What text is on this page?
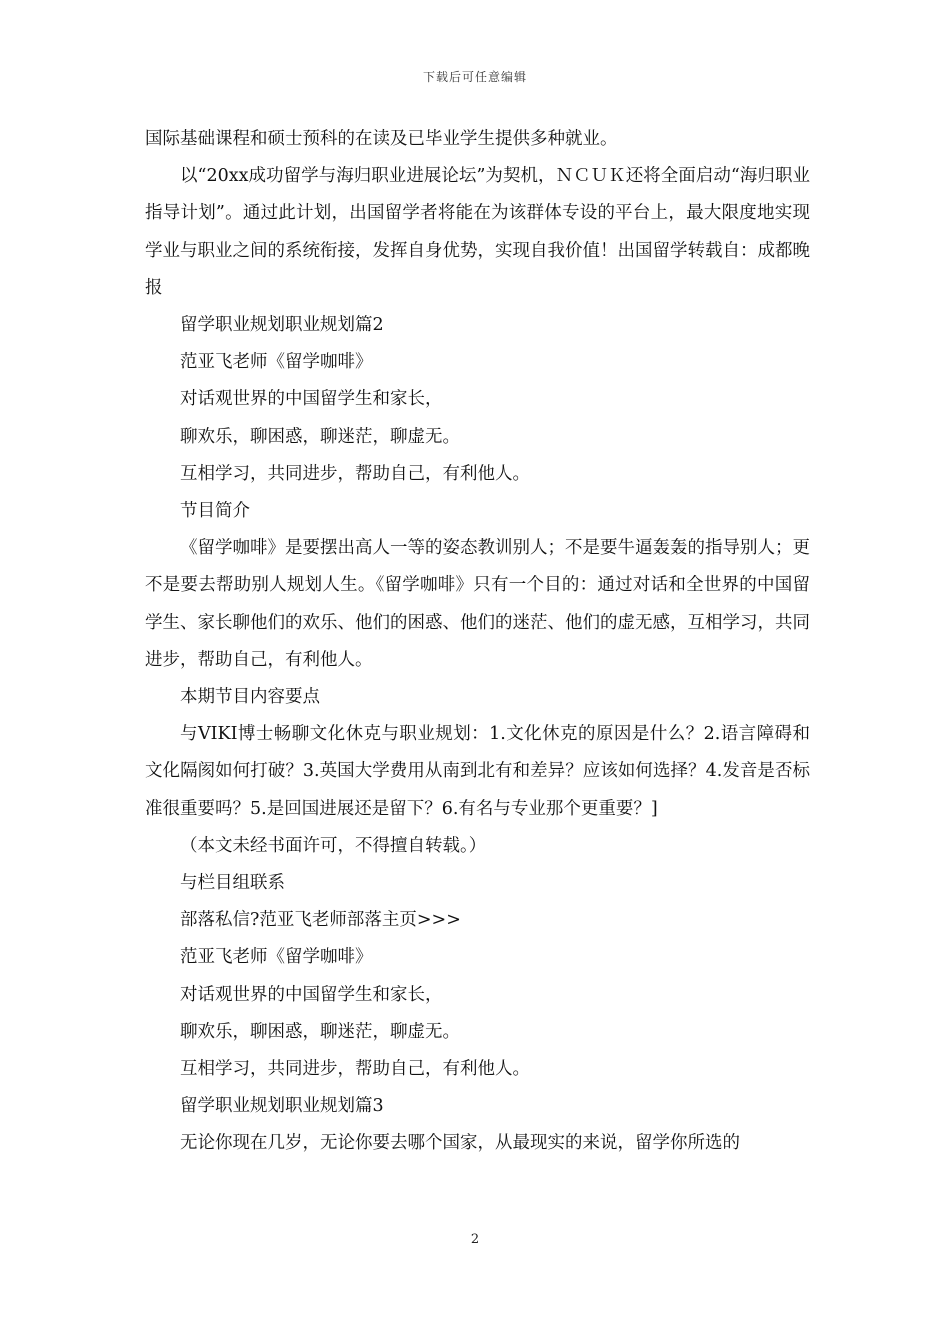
下载后可任意编辑

国际基础课程和硕士预科的在读及已毕业学生提供多种就业。

以“20xx成功留学与海归职业进展论坛”为契机，ＮＣＵＫ还将全面启动“海归职业指导计划”。通过此计划，出国留学者将能在为该群体专设的平台上，最大限度地实现学业与职业之间的系统衔接，发挥自身优势，实现自我价值！出国留学转载自：成都晚报

留学职业规划职业规划篇2

范亚飞老师《留学咖啡》

对话观世界的中国留学生和家长，

聊欢乐，聊困惑，聊迷茫，聊虚无。

互相学习，共同进步，帮助自己，有利他人。

节目简介

《留学咖啡》是要摆出高人一等的姿态教训别人；不是要牛逼轰轰的指导别人；更不是要去帮助别人规划人生。《留学咖啡》只有一个目的：通过对话和全世界的中国留学生、家长聊他们的欢乐、他们的困惑、他们的迷茫、他们的虚无感，互相学习，共同进步，帮助自己，有利他人。

本期节目内容要点

与VIKI博士畅聊文化休克与职业规划：1.文化休克的原因是什么？2.语言障碍和文化隔阂如何打破？3.英国大学费用从南到北有和差异？应该如何选择？4.发音是否标准很重要吗？5.是回国进展还是留下？6.有名与专业那个更重要？]

（本文未经书面许可，不得擅自转载。）

与栏目组联系

部落私信?范亚飞老师部落主页>>>

范亚飞老师《留学咖啡》

对话观世界的中国留学生和家长，

聊欢乐，聊困惑，聊迷茫，聊虚无。

互相学习，共同进步，帮助自己，有利他人。

留学职业规划职业规划篇3

无论你现在几岁，无论你要去哪个国家，从最现实的来说，留学你所选的

2
